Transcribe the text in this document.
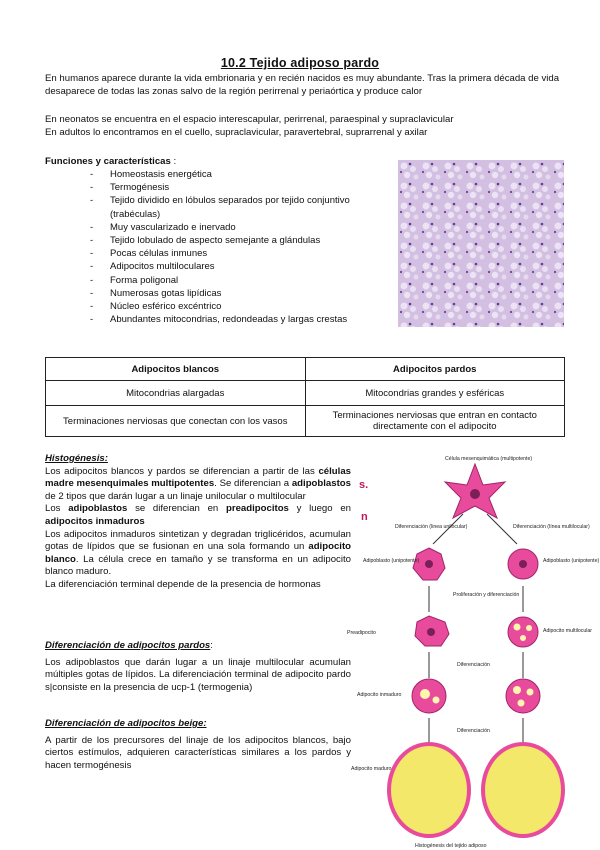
10.2 Tejido adiposo pardo
En humanos aparece durante la vida embrionaria y en recién nacidos es muy abundante. Tras la primera década de vida desaparece de todas las zonas salvo de la región perirrenal y periaórtica y produce calor
En neonatos se encuentra en el espacio interescapular, perirrenal, paraespinal y supraclavicular
En adultos lo encontramos en el cuello, supraclavicular, paravertebral, suprarrenal y axilar
Funciones y características :
- Homeostasis energética
- Termogénesis
- Tejido dividido en lóbulos separados por tejido conjuntivo (trabéculas)
- Muy vascularizado e inervado
- Tejido lobulado de aspecto semejante a glándulas
- Pocas células inmunes
- Adipocitos multiloculares
- Forma poligonal
- Numerosas gotas lipídicas
- Núcleo esférico excéntrico
- Abundantes mitocondrias, redondeadas y largas crestas
Adipocitos blancos	Adipocitos pardos
Mitocondrias alargadas	Mitocondrias grandes y esféricas
Terminaciones nerviosas que conectan con los vasos	Terminaciones nerviosas que entran en contacto directamente con el adipocito
Histogénesis:
Los adipocitos blancos y pardos se diferencian a partir de las células madre mesenquimales multipotentes. Se diferencian a adipoblastos de 2 tipos que darán lugar a un linaje unilocular o multilocular
Los adipoblastos se diferencian en preadipocitos y luego en adipocitos inmaduros
Los adipocitos inmaduros sintetizan y degradan triglicéridos, acumulan gotas de lípidos que se fusionan en una sola formando un adipocito blanco. La célula crece en tamaño y se transforma en un adipocito blanco maduro.
La diferenciación terminal depende de la presencia de hormonas
Diferenciación de adipocitos pardos:
Los adipoblastos que darán lugar a un linaje multilocular acumulan múltiples gotas de lípidos. La diferenciación terminal de adipocito pardo s|consiste en la presencia de ucp-1 (termogenia)
Diferenciación de adipocitos beige:
A partir de los precursores del linaje de los adipocitos blancos, bajo ciertos estímulos, adquieren características similares a los pardos y hacen termogénesis
s.
n
Célula mesenquimática (multipotente)
Diferenciación (linea unilocular)	Diferenciación (línea multilocular)
Adipoblasto (unipotente)	Adipoblasto (unipotente)
Proliferación y diferenciación
Preadipocito	Adipocito multilocular
Diferenciación
Adipocito inmaduro
Diferenciación
Adipocito maduro
Histogénesis del tejido adiposo
